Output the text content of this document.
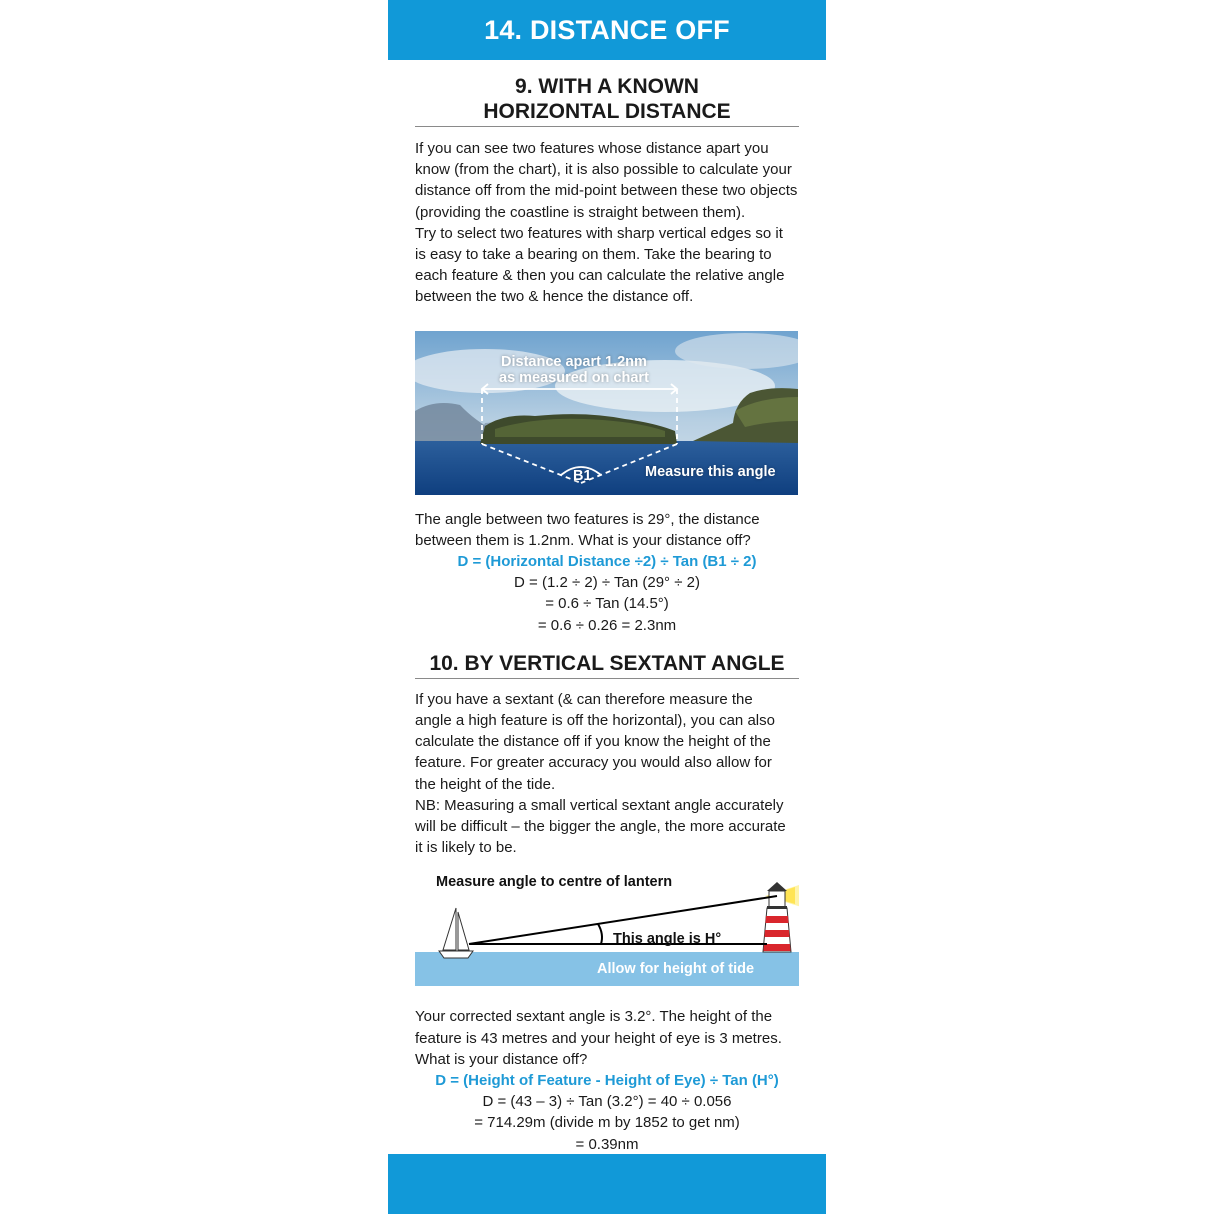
14. DISTANCE OFF
9. WITH A KNOWN
HORIZONTAL DISTANCE

If you can see two features whose distance apart you

know (from the chart), it is also possible to calculate your

distance off from the mid-point between these two objects

(providing the coastline is straight between them).

Try to select two features with sharp vertical edges so it

is easy to take a bearing on them. Take the bearing to

each feature & then you can calculate the relative angle

between the two & hence the distance off.

Distance apart 1.2nm
as measured on chart
B1	Measure this angle

The angle between two features is 29°, the distance

between them is 1.2nm. What is your distance off?

D = (Horizontal Distance ÷2) ÷ Tan (B1 ÷ 2)

D = (1.2 ÷ 2) ÷ Tan (29° ÷ 2)

= 0.6 ÷ Tan (14.5°)

= 0.6 ÷ 0.26 = 2.3nm

10. BY VERTICAL SEXTANT ANGLE

If you have a sextant (& can therefore measure the

angle a high feature is off the horizontal), you can also

calculate the distance off if you know the height of the

feature. For greater accuracy you would also allow for

the height of the tide.

NB: Measuring a small vertical sextant angle accurately

will be difficult – the bigger the angle, the more accurate

it is likely to be.

Measure angle to centre of lantern
This angle is H°
Allow for height of tide

Your corrected sextant angle is 3.2°. The height of the

feature is 43 metres and your height of eye is 3 metres.

What is your distance off?

D = (Height of Feature - Height of Eye) ÷ Tan (H°)

D = (43 – 3) ÷ Tan (3.2°) = 40 ÷ 0.056

= 714.29m (divide m by 1852 to get nm)

= 0.39nm
